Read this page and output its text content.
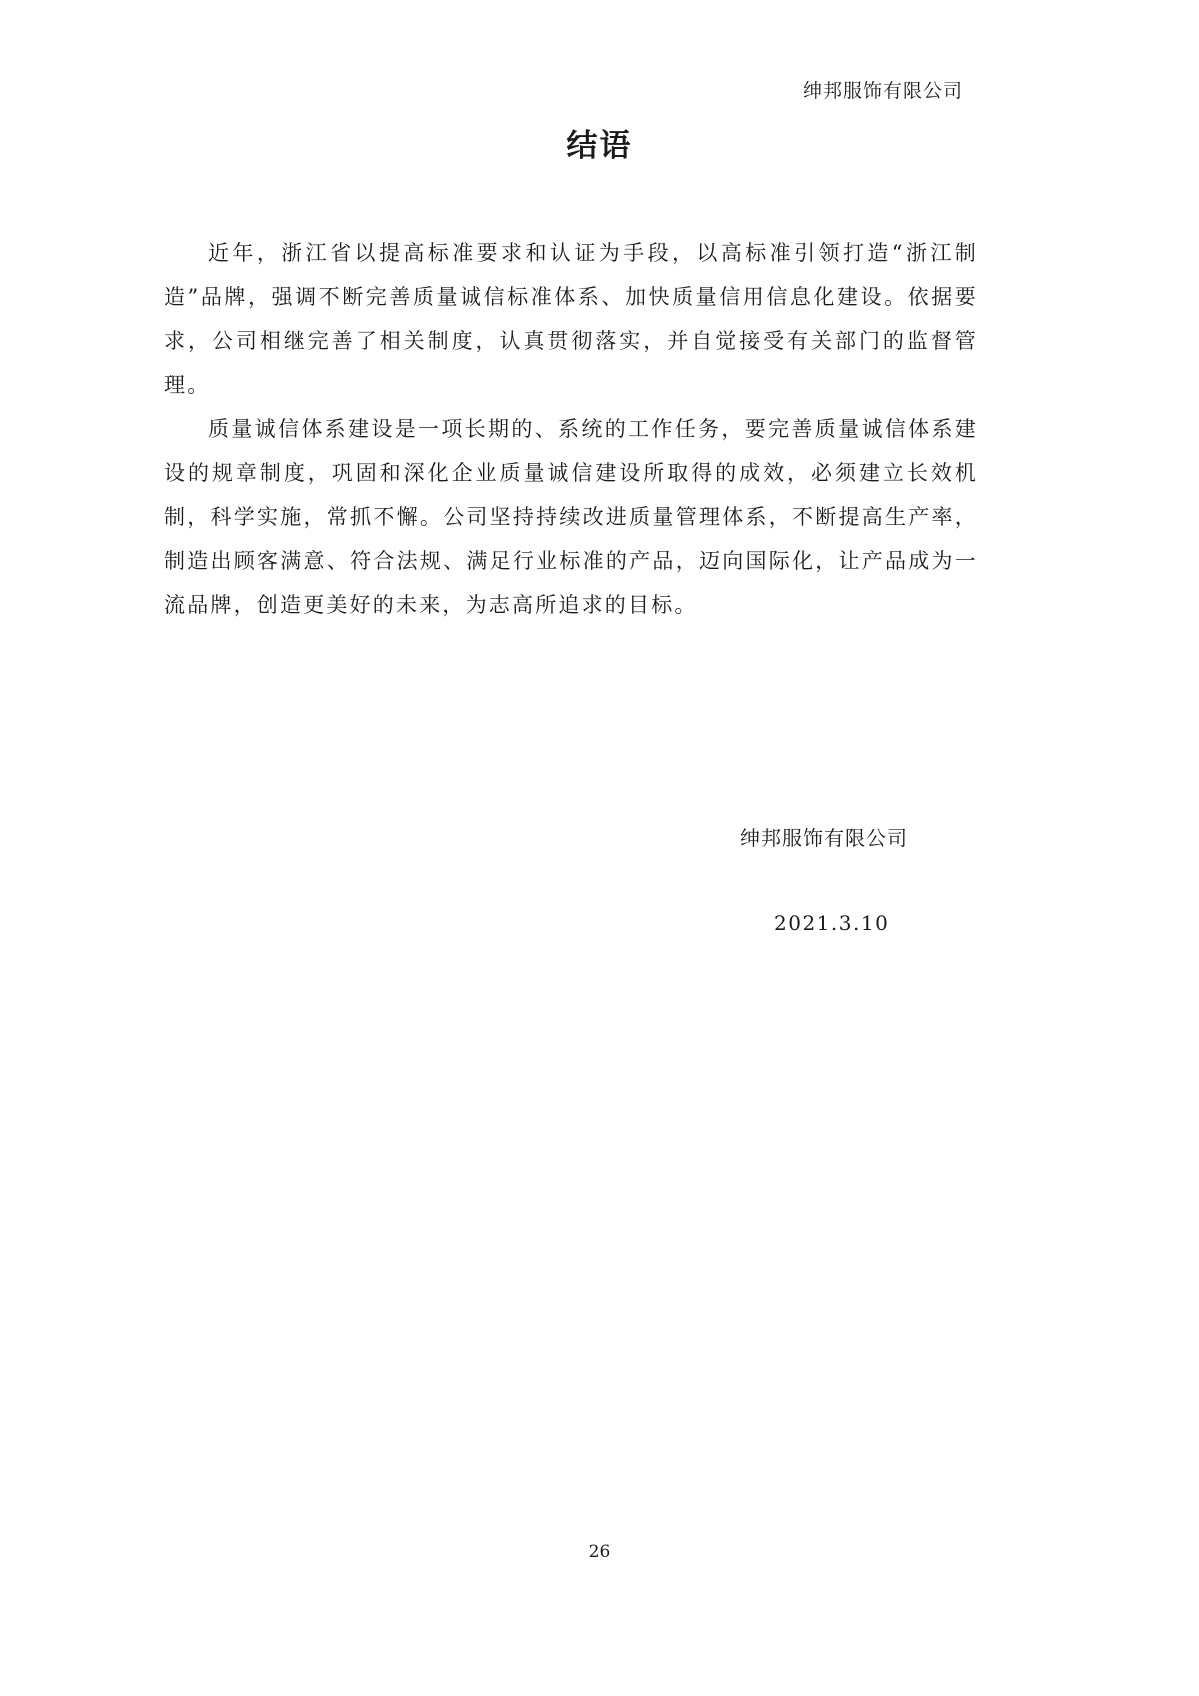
绅邦服饰有限公司
结语

近年，浙江省以提高标准要求和认证为手段，以高标准引领打造“浙江制造”品牌，强调不断完善质量诚信标准体系、加快质量信用信息化建设。依据要求，公司相继完善了相关制度，认真贯彻落实，并自觉接受有关部门的监督管理。

质量诚信体系建设是一项长期的、系统的工作任务，要完善质量诚信体系建设的规章制度，巩固和深化企业质量诚信建设所取得的成效，必须建立长效机制，科学实施，常抓不懈。公司坚持持续改进质量管理体系，不断提高生产率，制造出顾客满意、符合法规、满足行业标准的产品，迈向国际化，让产品成为一流品牌，创造更美好的未来，为志高所追求的目标。

绅邦服饰有限公司
2021.3.10
26
